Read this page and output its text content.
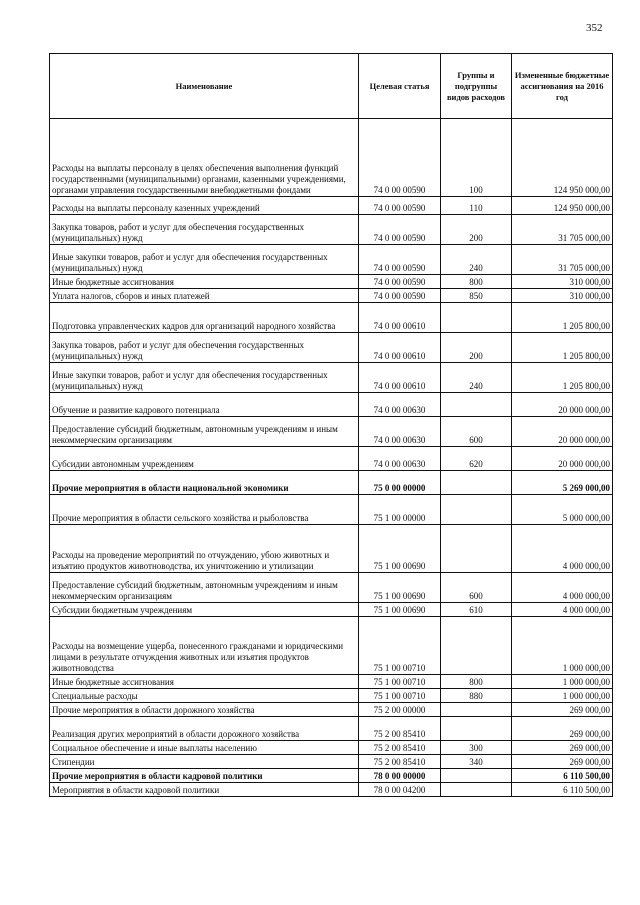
352
Наименование	Целевая статья	Группы и подгруппы видов расходов	Измененные бюджетные ассигнования на 2016 год
Расходы на выплаты персоналу в целях обеспечения выполнения функций государственными (муниципальными) органами, казенными учреждениями, органами управления государственными внебюджетными фондами	74 0 00 00590	100	124 950 000,00
Расходы на выплаты персоналу казенных учреждений	74 0 00 00590	110	124 950 000,00
Закупка товаров, работ и услуг для обеспечения государственных (муниципальных) нужд	74 0 00 00590	200	31 705 000,00
Иные закупки товаров, работ и услуг для обеспечения государственных (муниципальных) нужд	74 0 00 00590	240	31 705 000,00
Иные бюджетные ассигнования	74 0 00 00590	800	310 000,00
Уплата налогов, сборов и иных платежей	74 0 00 00590	850	310 000,00
Подготовка управленческих кадров для организаций народного хозяйства	74 0 00 00610		1 205 800,00
Закупка товаров, работ и услуг для обеспечения государственных (муниципальных) нужд	74 0 00 00610	200	1 205 800,00
Иные закупки товаров, работ и услуг для обеспечения государственных (муниципальных) нужд	74 0 00 00610	240	1 205 800,00
Обучение и развитие кадрового потенциала	74 0 00 00630		20 000 000,00
Предоставление субсидий бюджетным, автономным учреждениям и иным некоммерческим организациям	74 0 00 00630	600	20 000 000,00
Субсидии автономным учреждениям	74 0 00 00630	620	20 000 000,00
Прочие мероприятия в области национальной экономики	75 0 00 00000		5 269 000,00
Прочие мероприятия в области сельского хозяйства и рыболовства	75 1 00 00000		5 000 000,00
Расходы на проведение мероприятий по отчуждению, убою животных и изъятию продуктов животноводства, их уничтожению и утилизации	75 1 00 00690		4 000 000,00
Предоставление субсидий бюджетным, автономным учреждениям и иным некоммерческим организациям	75 1 00 00690	600	4 000 000,00
Субсидии бюджетным учреждениям	75 1 00 00690	610	4 000 000,00
Расходы на возмещение ущерба, понесенного гражданами и юридическими лицами в результате отчуждения животных или изъятия продуктов животноводства	75 1 00 00710		1 000 000,00
Иные бюджетные ассигнования	75 1 00 00710	800	1 000 000,00
Специальные расходы	75 1 00 00710	880	1 000 000,00
Прочие мероприятия в области дорожного хозяйства	75 2 00 00000		269 000,00
Реализация других мероприятий в области дорожного хозяйства	75 2 00 85410		269 000,00
Социальное обеспечение и иные выплаты населению	75 2 00 85410	300	269 000,00
Стипендии	75 2 00 85410	340	269 000,00
Прочие мероприятия в области кадровой политики	78 0 00 00000		6 110 500,00
Мероприятия в области кадровой политики	78 0 00 04200		6 110 500,00
